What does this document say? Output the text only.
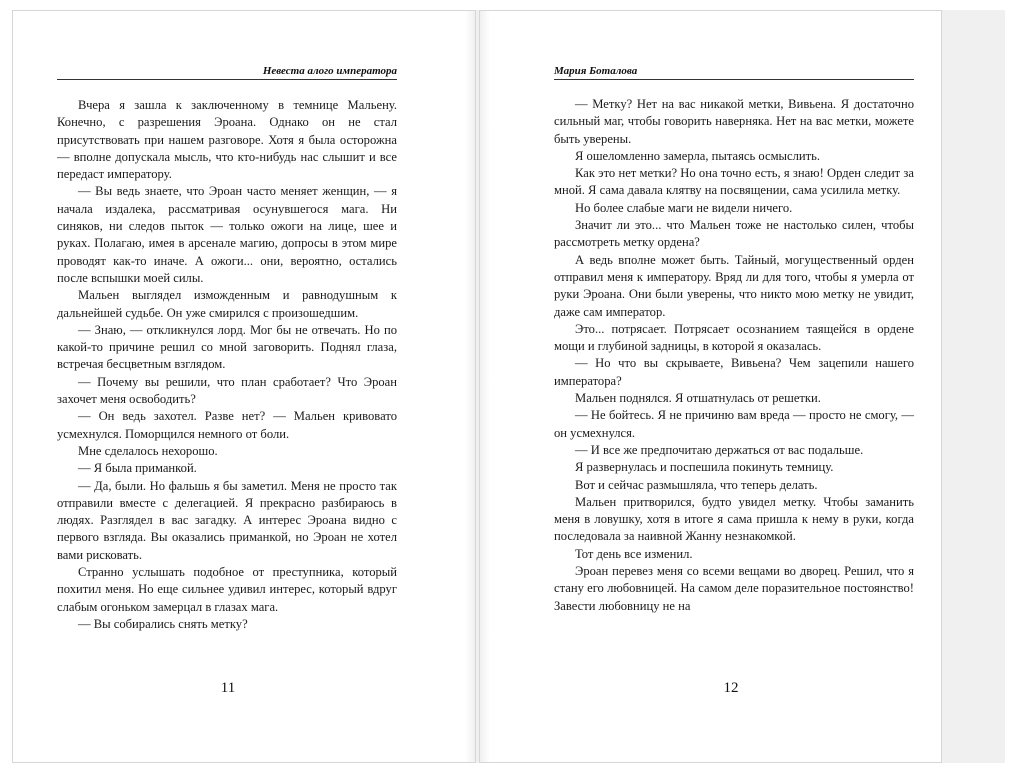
Невеста алого императора

Вчера я зашла к заключенному в темнице Мальену. Конечно, с разрешения Эроана. Однако он не стал присутствовать при нашем разговоре. Хотя я была осторожна — вполне допускала мысль, что кто-нибудь нас слышит и все передаст императору.

— Вы ведь знаете, что Эроан часто меняет женщин, — я начала издалека, рассматривая осунувшегося мага. Ни синяков, ни следов пыток — только ожоги на лице, шее и руках. Полагаю, имея в арсенале магию, допросы в этом мире проводят как-то иначе. А ожоги... они, вероятно, остались после вспышки моей силы.

Мальен выглядел изможденным и равнодушным к дальнейшей судьбе. Он уже смирился с произошедшим.

— Знаю, — откликнулся лорд. Мог бы не отвечать. Но по какой-то причине решил со мной заговорить. Поднял глаза, встречая бесцветным взглядом.

— Почему вы решили, что план сработает? Что Эроан захочет меня освободить?

— Он ведь захотел. Разве нет? — Мальен кривовато усмехнулся. Поморщился немного от боли.

Мне сделалось нехорошо.

— Я была приманкой.

— Да, были. Но фальшь я бы заметил. Меня не просто так отправили вместе с делегацией. Я прекрасно разбираюсь в людях. Разглядел в вас загадку. А интерес Эроана видно с первого взгляда. Вы оказались приманкой, но Эроан не хотел вами рисковать.

Странно услышать подобное от преступника, который похитил меня. Но еще сильнее удивил интерес, который вдруг слабым огоньком замерцал в глазах мага.

— Вы собирались снять метку?

11
Мария Боталова

— Метку? Нет на вас никакой метки, Вивьена. Я достаточно сильный маг, чтобы говорить наверняка. Нет на вас метки, можете быть уверены.

Я ошеломленно замерла, пытаясь осмыслить.

Как это нет метки? Но она точно есть, я знаю! Орден следит за мной. Я сама давала клятву на посвящении, сама усилила метку.

Но более слабые маги не видели ничего.

Значит ли это... что Мальен тоже не настолько силен, чтобы рассмотреть метку ордена?

А ведь вполне может быть. Тайный, могущественный орден отправил меня к императору. Вряд ли для того, чтобы я умерла от руки Эроана. Они были уверены, что никто мою метку не увидит, даже сам император.

Это... потрясает. Потрясает осознанием таящейся в ордене мощи и глубиной задницы, в которой я оказалась.

— Но что вы скрываете, Вивьена? Чем зацепили нашего императора?

Мальен поднялся. Я отшатнулась от решетки.

— Не бойтесь. Я не причиню вам вреда — просто не смогу, — он усмехнулся.

— И все же предпочитаю держаться от вас подальше.

Я развернулась и поспешила покинуть темницу.

Вот и сейчас размышляла, что теперь делать.

Мальен притворился, будто увидел метку. Чтобы заманить меня в ловушку, хотя в итоге я сама пришла к нему в руки, когда последовала за наивной Жанну незнакомкой.

Тот день все изменил.

Эроан перевез меня со всеми вещами во дворец. Решил, что я стану его любовницей. На самом деле поразительное постоянство! Завести любовницу не на

12
